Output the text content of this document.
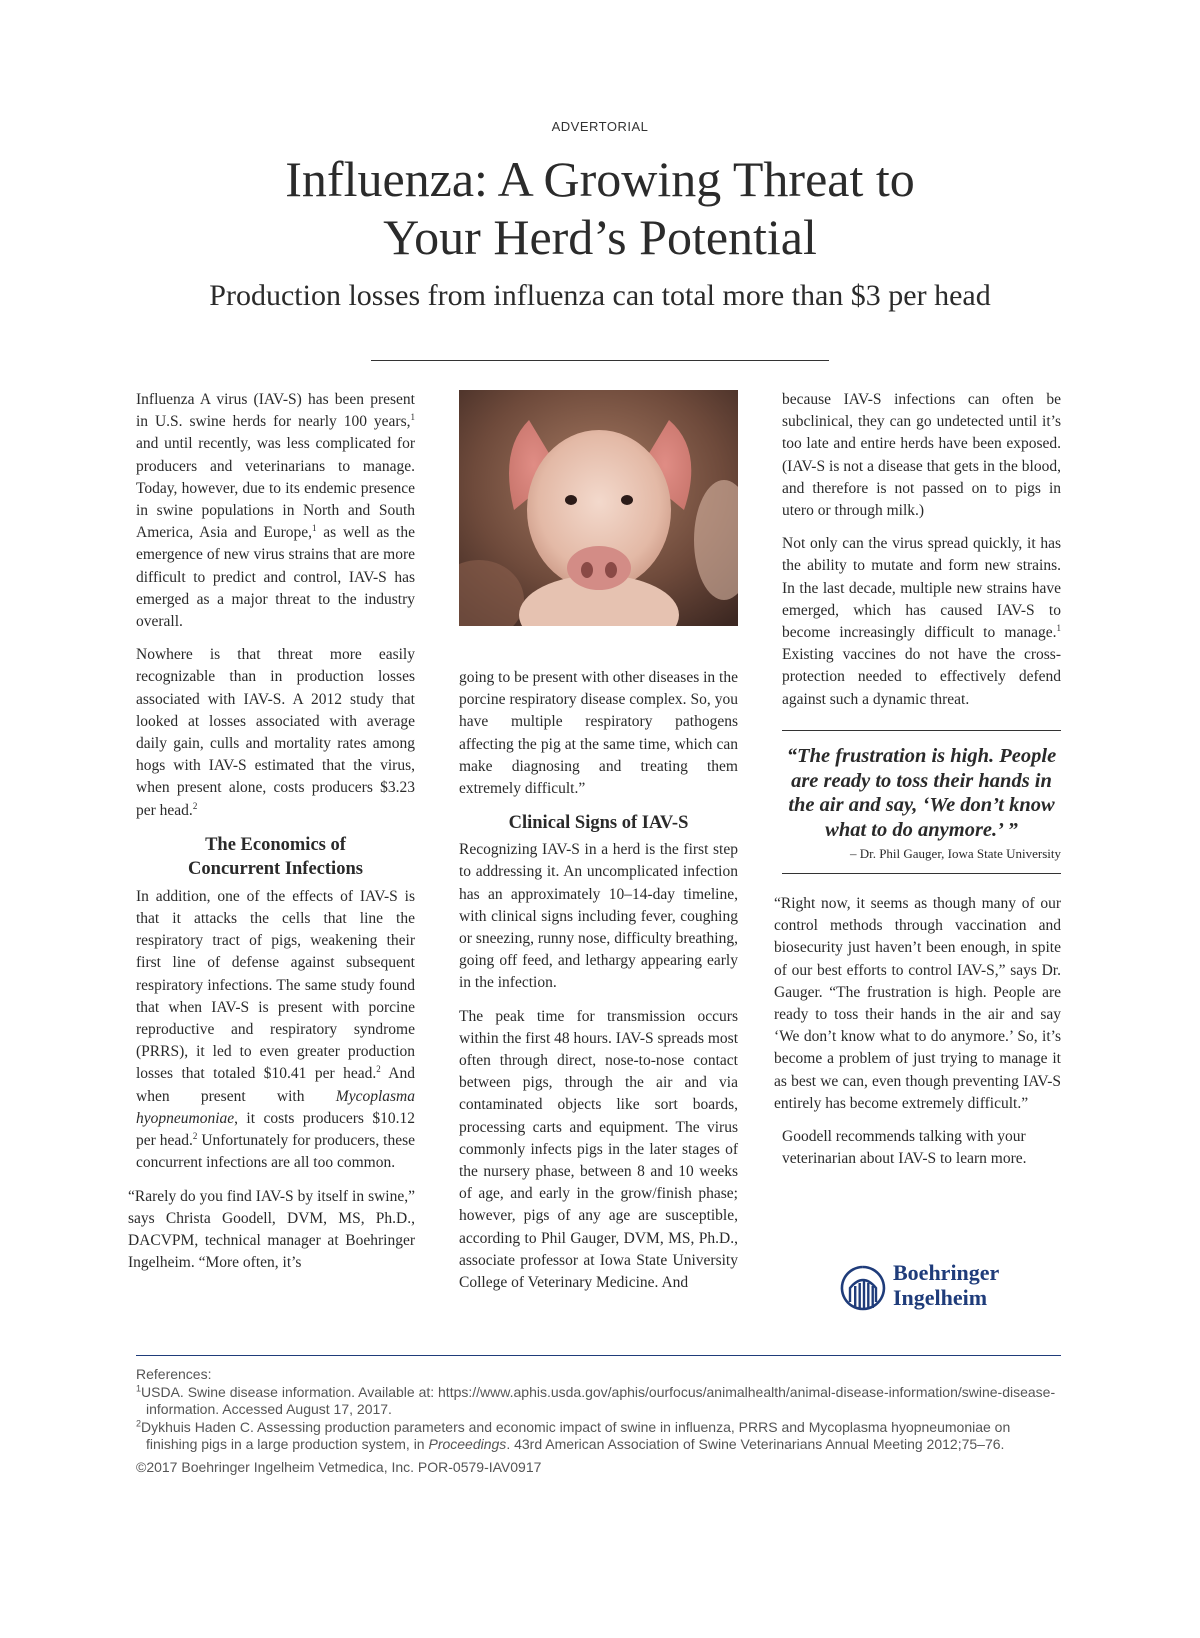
ADVERTORIAL
Influenza: A Growing Threat to
Your Herd’s Potential
Production losses from influenza can total more than $3 per head

Influenza A virus (IAV-S) has been present in U.S. swine herds for nearly 100 years,$^1$ and until recently, was less complicated for producers and veterinarians to manage. Today, however, due to its endemic presence in swine populations in North and South America, Asia and Europe,$^1$ as well as the emergence of new virus strains that are more difficult to predict and control, IAV-S has emerged as a major threat to the industry overall.

Nowhere is that threat more easily recognizable than in production losses associated with IAV-S. A 2012 study that looked at losses associated with average daily gain, culls and mortality rates among hogs with IAV-S estimated that the virus, when present alone, costs producers $3.23 per head.$^2$

The Economics of
Concurrent Infections

In addition, one of the effects of IAV-S is that it attacks the cells that line the respiratory tract of pigs, weakening their first line of defense against subsequent respiratory infections. The same study found that when IAV-S is present with porcine reproductive and respiratory syndrome (PRRS), it led to even greater production losses that totaled $10.41 per head.$^2$ And when present with Mycoplasma hyopneumoniae, it costs producers $10.12 per head.$^2$ Unfortunately for producers, these concurrent infections are all too common.

“Rarely do you find IAV-S by itself in swine,” says Christa Goodell, DVM, MS, Ph.D., DACVPM, technical manager at Boehringer Ingelheim. “More often, it’s

going to be present with other diseases in the porcine respiratory disease complex. So, you have multiple respiratory pathogens affecting the pig at the same time, which can make diagnosing and treating them extremely difficult.”

Clinical Signs of IAV-S

Recognizing IAV-S in a herd is the first step to addressing it. An uncomplicated infection has an approximately 10–14-day timeline, with clinical signs including fever, coughing or sneezing, runny nose, difficulty breathing, going off feed, and lethargy appearing early in the infection.

The peak time for transmission occurs within the first 48 hours. IAV-S spreads most often through direct, nose-to-nose contact between pigs, through the air and via contaminated objects like sort boards, processing carts and equipment. The virus commonly infects pigs in the later stages of the nursery phase, between 8 and 10 weeks of age, and early in the grow/finish phase; however, pigs of any age are susceptible, according to Phil Gauger, DVM, MS, Ph.D., associate professor at Iowa State University College of Veterinary Medicine. And

because IAV-S infections can often be subclinical, they can go undetected until it’s too late and entire herds have been exposed. (IAV-S is not a disease that gets in the blood, and therefore is not passed on to pigs in utero or through milk.)

Not only can the virus spread quickly, it has the ability to mutate and form new strains. In the last decade, multiple new strains have emerged, which has caused IAV-S to become increasingly difficult to manage.$^1$ Existing vaccines do not have the cross-protection needed to effectively defend against such a dynamic threat.

“The frustration is high. People are ready to toss their hands in the air and say, ‘We don’t know what to do anymore.’ ”
– Dr. Phil Gauger, Iowa State University

“Right now, it seems as though many of our control methods through vaccination and biosecurity just haven’t been enough, in spite of our best efforts to control IAV-S,” says Dr. Gauger. “The frustration is high. People are ready to toss their hands in the air and say ‘We don’t know what to do anymore.’ So, it’s become a problem of just trying to manage it as best we can, even though preventing IAV-S entirely has become extremely difficult.”

Goodell recommends talking with your veterinarian about IAV-S to learn more.

Boehringer
Ingelheim

References:

$^1$USDA. Swine disease information. Available at: https://www.aphis.usda.gov/aphis/ourfocus/animalhealth/animal-disease-information/swine-disease-information. Accessed August 17, 2017.

$^2$Dykhuis Haden C. Assessing production parameters and economic impact of swine in influenza, PRRS and Mycoplasma hyopneumoniae on
finishing pigs in a large production system, in Proceedings. 43rd American Association of Swine Veterinarians Annual Meeting 2012;75–76.

©2017 Boehringer Ingelheim Vetmedica, Inc. POR-0579-IAV0917
